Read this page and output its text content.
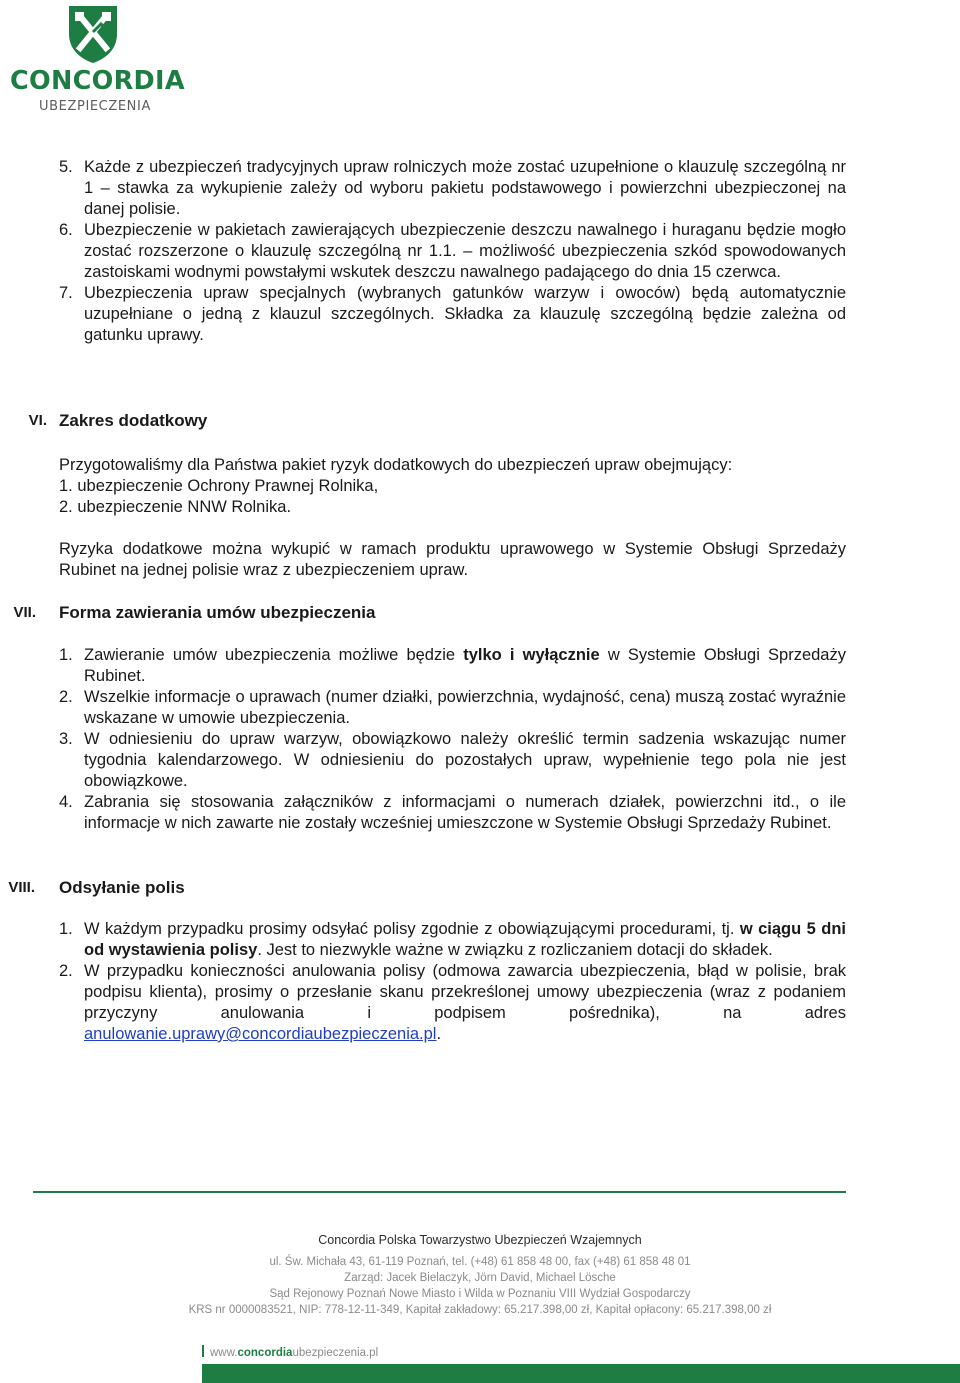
CONCORDIA
UBEZPIECZENIA
5. Każde z ubezpieczeń tradycyjnych upraw rolniczych może zostać uzupełnione o klauzulę szczególną nr 1 – stawka za wykupienie zależy od wyboru pakietu podstawowego i powierzchni ubezpieczonej na danej polisie.
6. Ubezpieczenie w pakietach zawierających ubezpieczenie deszczu nawalnego i huraganu będzie mogło zostać rozszerzone o klauzulę szczególną nr 1.1. – możliwość ubezpieczenia szkód spowodowanych zastoiskami wodnymi powstałymi wskutek deszczu nawalnego padającego do dnia 15 czerwca.
7. Ubezpieczenia upraw specjalnych (wybranych gatunków warzyw i owoców) będą automatycznie uzupełniane o jedną z klauzul szczególnych. Składka za klauzulę szczególną będzie zależna od gatunku uprawy.
VI. Zakres dodatkowy
Przygotowaliśmy dla Państwa pakiet ryzyk dodatkowych do ubezpieczeń upraw obejmujący:
1. ubezpieczenie Ochrony Prawnej Rolnika,
2. ubezpieczenie NNW Rolnika.
Ryzyka dodatkowe można wykupić w ramach produktu uprawowego w Systemie Obsługi Sprzedaży Rubinet na jednej polisie wraz z ubezpieczeniem upraw.
VII. Forma zawierania umów ubezpieczenia
1. Zawieranie umów ubezpieczenia możliwe będzie tylko i wyłącznie w Systemie Obsługi Sprzedaży Rubinet.
2. Wszelkie informacje o uprawach (numer działki, powierzchnia, wydajność, cena) muszą zostać wyraźnie wskazane w umowie ubezpieczenia.
3. W odniesieniu do upraw warzyw, obowiązkowo należy określić termin sadzenia wskazując numer tygodnia kalendarzowego. W odniesieniu do pozostałych upraw, wypełnienie tego pola nie jest obowiązkowe.
4. Zabrania się stosowania załączników z informacjami o numerach działek, powierzchni itd., o ile informacje w nich zawarte nie zostały wcześniej umieszczone w Systemie Obsługi Sprzedaży Rubinet.
VIII. Odsyłanie polis
1. W każdym przypadku prosimy odsyłać polisy zgodnie z obowiązującymi procedurami, tj. w ciągu 5 dni od wystawienia polisy. Jest to niezwykle ważne w związku z rozliczaniem dotacji do składek.
2. W przypadku konieczności anulowania polisy (odmowa zawarcia ubezpieczenia, błąd w polisie, brak podpisu klienta), prosimy o przesłanie skanu przekreślonej umowy ubezpieczenia (wraz z podaniem przyczyny anulowania i podpisem pośrednika), na adres anulowanie.uprawy@concordiaubezpieczenia.pl.
Concordia Polska Towarzystwo Ubezpieczeń Wzajemnych
ul. Św. Michała 43, 61-119 Poznań, tel. (+48) 61 858 48 00, fax (+48) 61 858 48 01
Zarząd: Jacek Bielaczyk, Jörn David, Michael Lösche
Sąd Rejonowy Poznań Nowe Miasto i Wilda w Poznaniu VIII Wydział Gospodarczy
KRS nr 0000083521, NIP: 778-12-11-349, Kapitał zakładowy: 65.217.398,00 zł, Kapitał opłacony: 65.217.398,00 zł
www.concordiaubezpieczenia.pl
